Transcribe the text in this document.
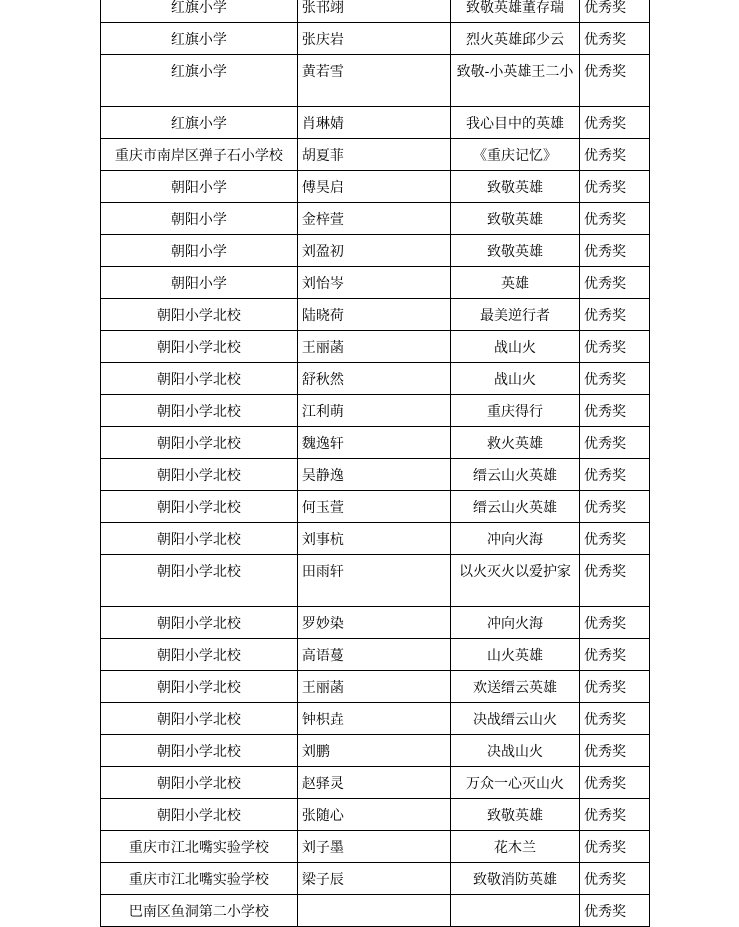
红旗小学	张邗翊	致敬英雄董存瑞	优秀奖
红旗小学	张庆岩	烈火英雄邱少云	优秀奖
红旗小学	黄若雪	致敬-小英雄王二小	优秀奖
红旗小学	肖琳婧	我心目中的英雄	优秀奖
重庆市南岸区弹子石小学校	胡夏菲	《重庆记忆》	优秀奖
朝阳小学	傅昊启	致敬英雄	优秀奖
朝阳小学	金梓萱	致敬英雄	优秀奖
朝阳小学	刘盈初	致敬英雄	优秀奖
朝阳小学	刘怡岑	英雄	优秀奖
朝阳小学北校	陆晓荷	最美逆行者	优秀奖
朝阳小学北校	王丽菡	战山火	优秀奖
朝阳小学北校	舒秋然	战山火	优秀奖
朝阳小学北校	江利萌	重庆得行	优秀奖
朝阳小学北校	魏逸轩	救火英雄	优秀奖
朝阳小学北校	吴静逸	缙云山火英雄	优秀奖
朝阳小学北校	何玉萱	缙云山火英雄	优秀奖
朝阳小学北校	刘事杭	冲向火海	优秀奖
朝阳小学北校	田雨轩	以火灭火以爱护家	优秀奖
朝阳小学北校	罗妙染	冲向火海	优秀奖
朝阳小学北校	高语蔓	山火英雄	优秀奖
朝阳小学北校	王丽菡	欢送缙云英雄	优秀奖
朝阳小学北校	钟枳垚	决战缙云山火	优秀奖
朝阳小学北校	刘鹏	决战山火	优秀奖
朝阳小学北校	赵驿灵	万众一心灭山火	优秀奖
朝阳小学北校	张随心	致敬英雄	优秀奖
重庆市江北嘴实验学校	刘子墨	花木兰	优秀奖
重庆市江北嘴实验学校	梁子辰	致敬消防英雄	优秀奖
巴南区鱼洞第二小学校			优秀奖
